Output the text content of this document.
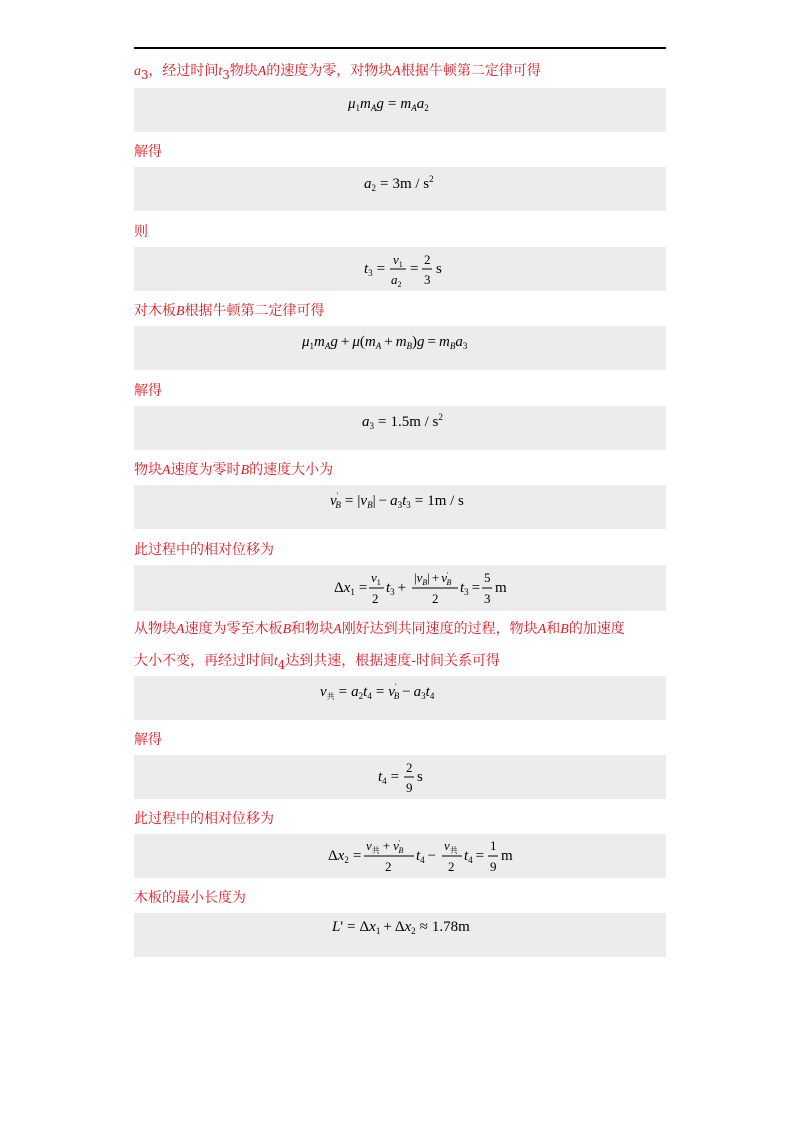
$a_3$，经过时间$t_3$物块A的速度为零，对物块A根据牛顿第二定律可得
$\mu_1m_Ag = m_Aa_2$
解得
$a_2 = 3m / s^2$
则
$t_3$ =
$v_1$
$a_2$
=
2
3
s
对木板B根据牛顿第二定律可得
$\mu_1m_Ag + \mu(m_A + m_B)g = m_Ba_3$
解得
$a_3 = 1.5m / s^2$
物块A速度为零时B的速度大小为
v′ $B = |v_B| - a_3t_3 = 1m / s$
此过程中的相对位移为
$\Delta x_1$ =
$v_1$
2
$t_3$ +
$|v_B| + v'$ B
2
$t_3$ =
5
3
m
从物块A速度为零至木板B和物块A刚好达到共同速度的过程，物块A和B的加速度
大小不变，再经过时间$t_4$达到共速，根据速度-时间关系可得
$v_共 = a_2t_4 = v'$ $B - a_3t_4$
解得
$t_4$ =
2
9
s
此过程中的相对位移为
$\Delta x_2$ =
$v_共 + v'$ B
2
$t_4$ −
$v_共$
2
$t_4$ =
1
9
m
木板的最小长度为
$L' = \Delta x_1 + \Delta x_2 \approx 1.78m$
